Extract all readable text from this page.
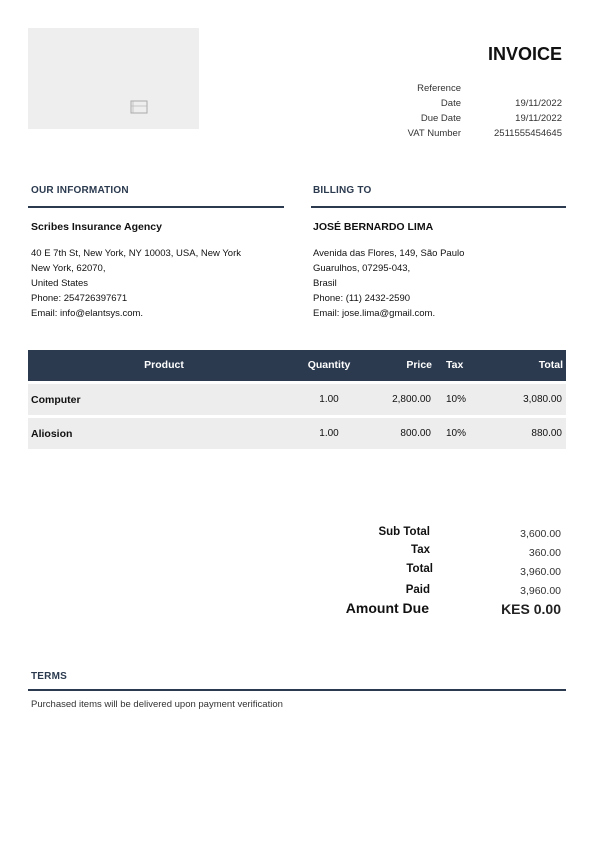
INVOICE
Reference
Date	19/11/2022
Due Date	19/11/2022
VAT Number	2511555454645
OUR INFORMATION
Scribes Insurance Agency
40 E 7th St, New York, NY 10003, USA, New York
New York, 62070,
United States
Phone: 254726397671
Email: info@elantsys.com.
BILLING TO
JOSÉ BERNARDO LIMA
Avenida das Flores, 149, São Paulo
Guarulhos, 07295-043,
Brasil
Phone: (11) 2432-2590
Email: jose.lima@gmail.com.
Product	Quantity	Price Tax	Total
Computer	1.00	2,800.00 10%	3,080.00
Aliosion	1.00	800.00 10%	880.00
Sub Total	3,600.00
Tax	360.00
Total	3,960.00
Paid	3,960.00
Amount Due	KES 0.00
TERMS
Purchased items will be delivered upon payment verification
